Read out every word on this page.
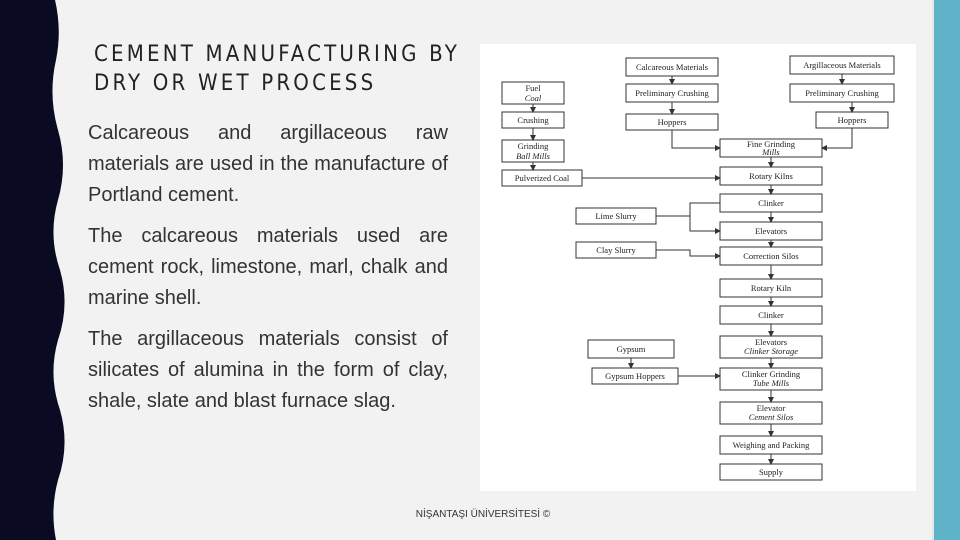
CEMENT MANUFACTURING BY
DRY OR WET PROCESS

Calcareous and argillaceous raw materials are used in the manufacture of Portland cement.

The calcareous materials used are cement rock, limestone, marl, chalk and marine shell.

The argillaceous materials consist of silicates of alumina in the form of clay, shale, slate and blast furnace slag.

Calcareous Materials	Argillaceous Materials
Preliminary Crushing	Preliminary Crushing
Fuel
Coal
Crushing
Grinding
Ball Mills
Pulverized Coal
Hoppers	Hoppers
Fine Grinding
Mills
Rotary Kilns
Clinker
Lime Slurry
Elevators
Clay Slurry
Correction Silos
Rotary Kiln
Clinker
Gypsum
Elevators
Clinker Storage
Gypsum Hoppers	Clinker Grinding
Tube Mills
Elevator
Cement Silos
Weighing and Packing
Supply
NİŞANTAŞI ÜNİVERSİTESİ ©
